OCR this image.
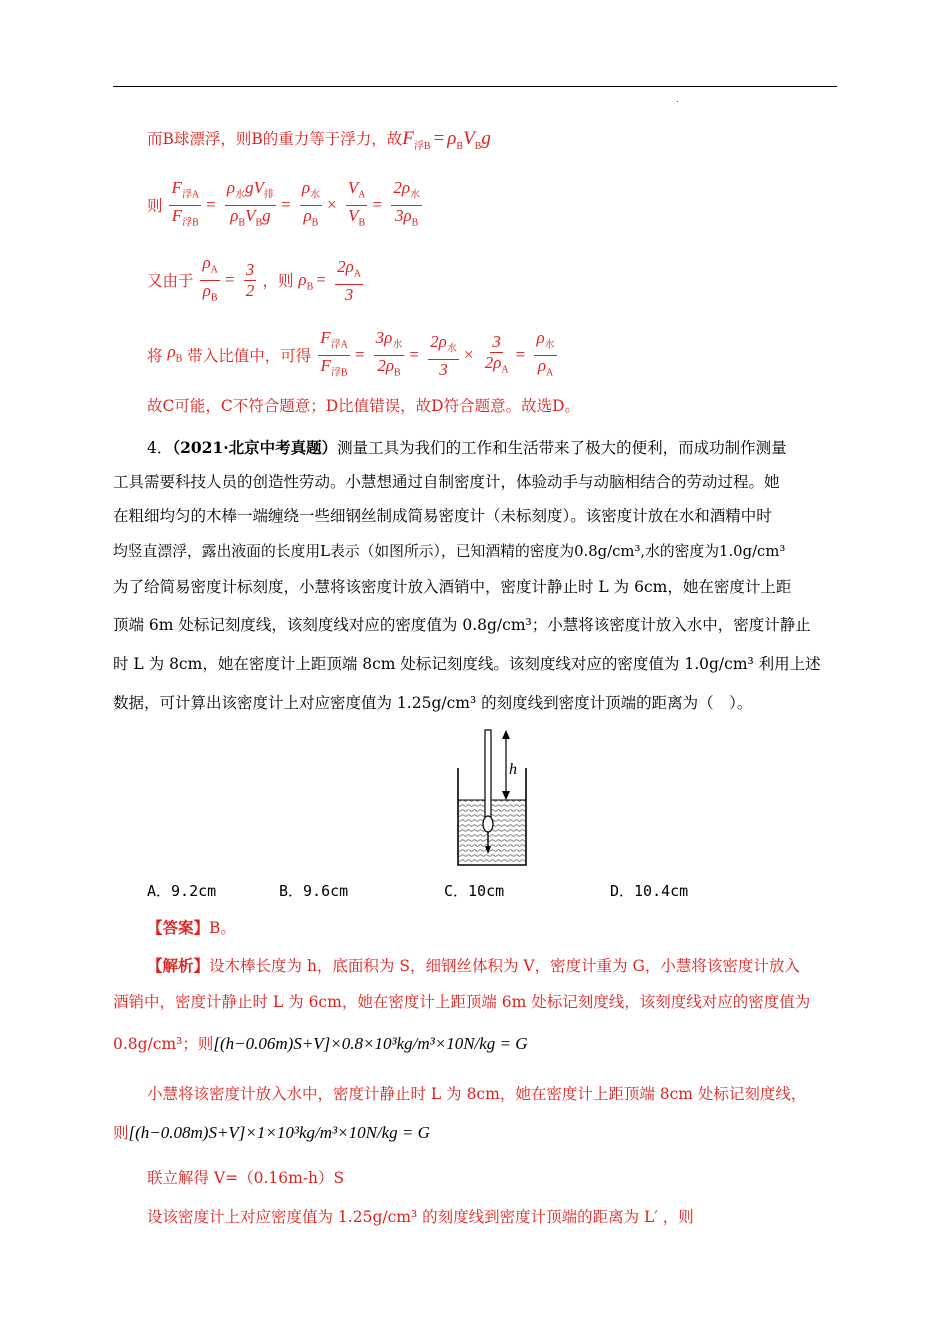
.
而B球漂浮，则B的重力等于浮力，故$F_{浮B} = \rho_BV_Bg$
则 $\frac{F_{浮A}}{F_{浮B}} = \frac{\rho_水gV_排}{\rho_BV_Bg} = \frac{\rho_水}{\rho_B} \times \frac{V_A}{V_B} = \frac{2\rho_水}{3\rho_B}$
又由于 $\frac{\rho_A}{\rho_B} = \frac{3}{2}$ ，则 $\rho_B = \frac{2\rho_A}{3}$
将 $\rho_B$ 带入比值中，可得 $\frac{F_{浮A}}{F_{浮B}} = \frac{3\rho_水}{2\rho_B} = \frac{2\rho_水}{3} \times \frac{3}{2\rho_A} = \frac{\rho_水}{\rho_A}$
故C可能，C不符合题意；D比值错误，故D符合题意。故选D。
4．（2021·北京中考真题）测量工具为我们的工作和生活带来了极大的便利，而成功制作测量
工具需要科技人员的创造性劳动。小慧想通过自制密度计，体验动手与动脑相结合的劳动过程。她
在粗细均匀的木棒一端缠绕一些细钢丝制成简易密度计（未标刻度）。该密度计放在水和酒精中时
均竖直漂浮，露出液面的长度用L表示（如图所示），已知酒精的密度为0.8g/cm³,水的密度为1.0g/cm³
为了给简易密度计标刻度，小慧将该密度计放入酒销中，密度计静止时 L 为 6cm，她在密度计上距
顶端 6m 处标记刻度线，该刻度线对应的密度值为 0.8g/cm³；小慧将该密度计放入水中，密度计静止
时 L 为 8cm，她在密度计上距顶端 8cm 处标记刻度线。该刻度线对应的密度值为 1.0g/cm³ 利用上述
数据，可计算出该密度计上对应密度值为 1.25g/cm³ 的刻度线到密度计顶端的距离为（　）。
h
A．9.2cm	B．9.6cm	C．10cm	D．10.4cm
【答案】B。
【解析】设木棒长度为 h，底面积为 S，细钢丝体积为 V，密度计重为 G，小慧将该密度计放入
酒销中，密度计静止时 L 为 6cm，她在密度计上距顶端 6m 处标记刻度线，该刻度线对应的密度值为
0.8g/cm³；则[(h−0.06m)S+V]×0.8×10³kg/m³×10N/kg = G
小慧将该密度计放入水中，密度计静止时 L 为 8cm，她在密度计上距顶端 8cm 处标记刻度线，
则[(h−0.08m)S+V]×1×10³kg/m³×10N/kg = G
联立解得 V=（0.16m-h）S
设该密度计上对应密度值为 1.25g/cm³ 的刻度线到密度计顶端的距离为 L′ ，则
